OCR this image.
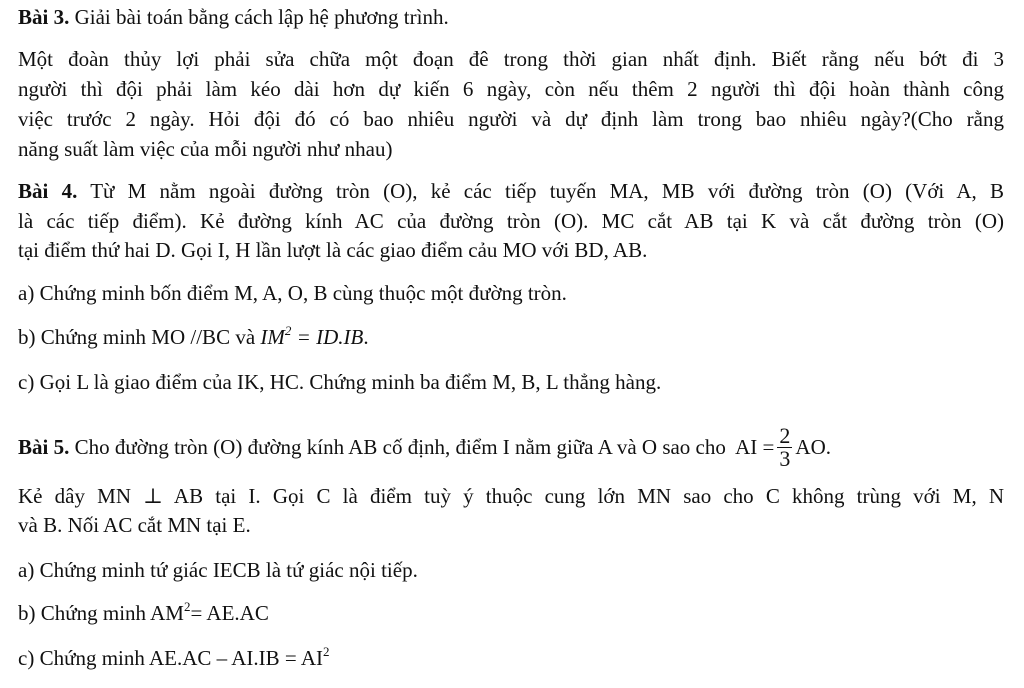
Bài 3. Giải bài toán bằng cách lập hệ phương trình.
Một đoàn thủy lợi phải sửa chữa một đoạn đê trong thời gian nhất định. Biết rằng nếu bớt đi 3
người thì đội phải làm kéo dài hơn dự kiến 6 ngày, còn nếu thêm 2 người thì đội hoàn thành công
việc trước 2 ngày. Hỏi đội đó có bao nhiêu người và dự định làm trong bao nhiêu ngày?(Cho rằng
năng suất làm việc của mỗi người như nhau)
Bài 4. Từ M nằm ngoài đường tròn (O), kẻ các tiếp tuyến MA, MB với đường tròn (O) (Với A, B
là các tiếp điểm). Kẻ đường kính AC của đường tròn (O). MC cắt AB tại K và cắt đường tròn (O)
tại điểm thứ hai D. Gọi I, H lần lượt là các giao điểm cảu MO với BD, AB.
a) Chứng minh bốn điểm M, A, O, B cùng thuộc một đường tròn.
b) Chứng minh MO //BC và $IM^2 = ID.IB$.
c) Gọi L là giao điểm của IK, HC. Chứng minh ba điểm M, B, L thẳng hàng.
Bài 5. Cho đường tròn (O) đường kính AB cố định, điểm I nằm giữa A và O sao cho AI = $\frac{2}{3}$ AO.
Kẻ dây MN ⊥ AB tại I. Gọi C là điểm tuỳ ý thuộc cung lớn MN sao cho C không trùng với M, N
và B. Nối AC cắt MN tại E.
a) Chứng minh tứ giác IECB là tứ giác nội tiếp.
b) Chứng minh $AM^2= AE.AC$
c) Chứng minh $AE.AC - AI.IB = AI^2$
